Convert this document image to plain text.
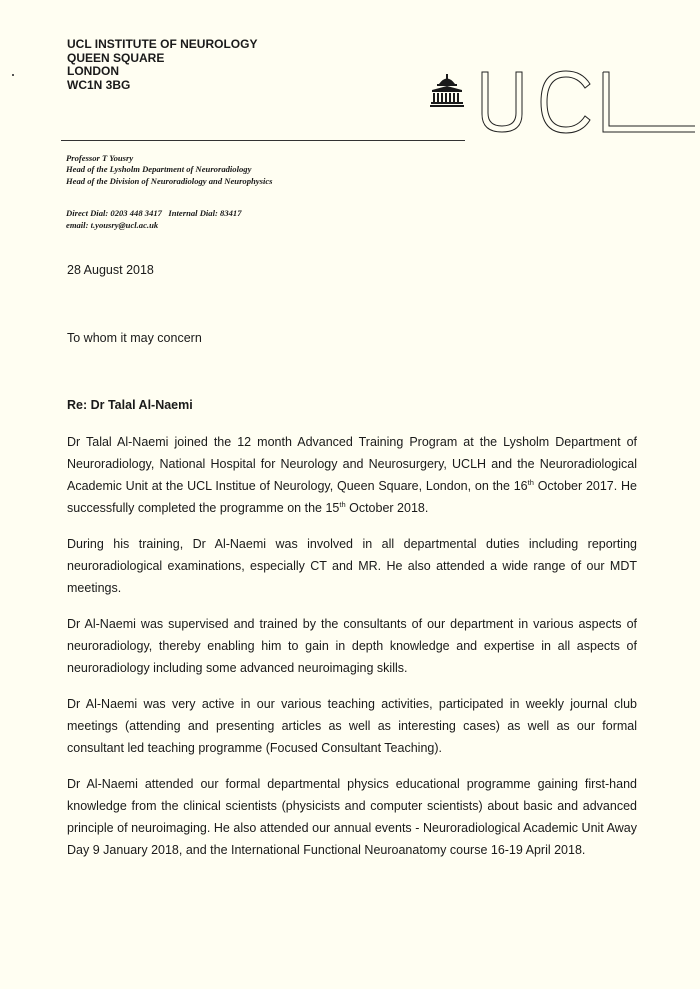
UCL INSTITUTE OF NEUROLOGY
QUEEN SQUARE
LONDON
WC1N 3BG
UCL
Professor T Yousry
Head of the Lysholm Department of Neuroradiology
Head of the Division of Neuroradiology and Neurophysics
Direct Dial: 0203 448 3417 Internal Dial: 83417
email: t.yousry@ucl.ac.uk
28 August 2018
To whom it may concern
Re: Dr Talal Al-Naemi

Dr Talal Al-Naemi joined the 12 month Advanced Training Program at the Lysholm Department of Neuroradiology, National Hospital for Neurology and Neurosurgery, UCLH and the Neuroradiological Academic Unit at the UCL Institue of Neurology, Queen Square, London, on the 16th October 2017. He successfully completed the programme on the 15th October 2018.

During his training, Dr Al-Naemi was involved in all departmental duties including reporting neuroradiological examinations, especially CT and MR. He also attended a wide range of our MDT meetings.

Dr Al-Naemi was supervised and trained by the consultants of our department in various aspects of neuroradiology, thereby enabling him to gain in depth knowledge and expertise in all aspects of neuroradiology including some advanced neuroimaging skills.

Dr Al-Naemi was very active in our various teaching activities, participated in weekly journal club meetings (attending and presenting articles as well as interesting cases) as well as our formal consultant led teaching programme (Focused Consultant Teaching).

Dr Al-Naemi attended our formal departmental physics educational programme gaining first-hand knowledge from the clinical scientists (physicists and computer scientists) about basic and advanced principle of neuroimaging. He also attended our annual events - Neuroradiological Academic Unit Away Day 9 January 2018, and the International Functional Neuroanatomy course 16-19 April 2018.
